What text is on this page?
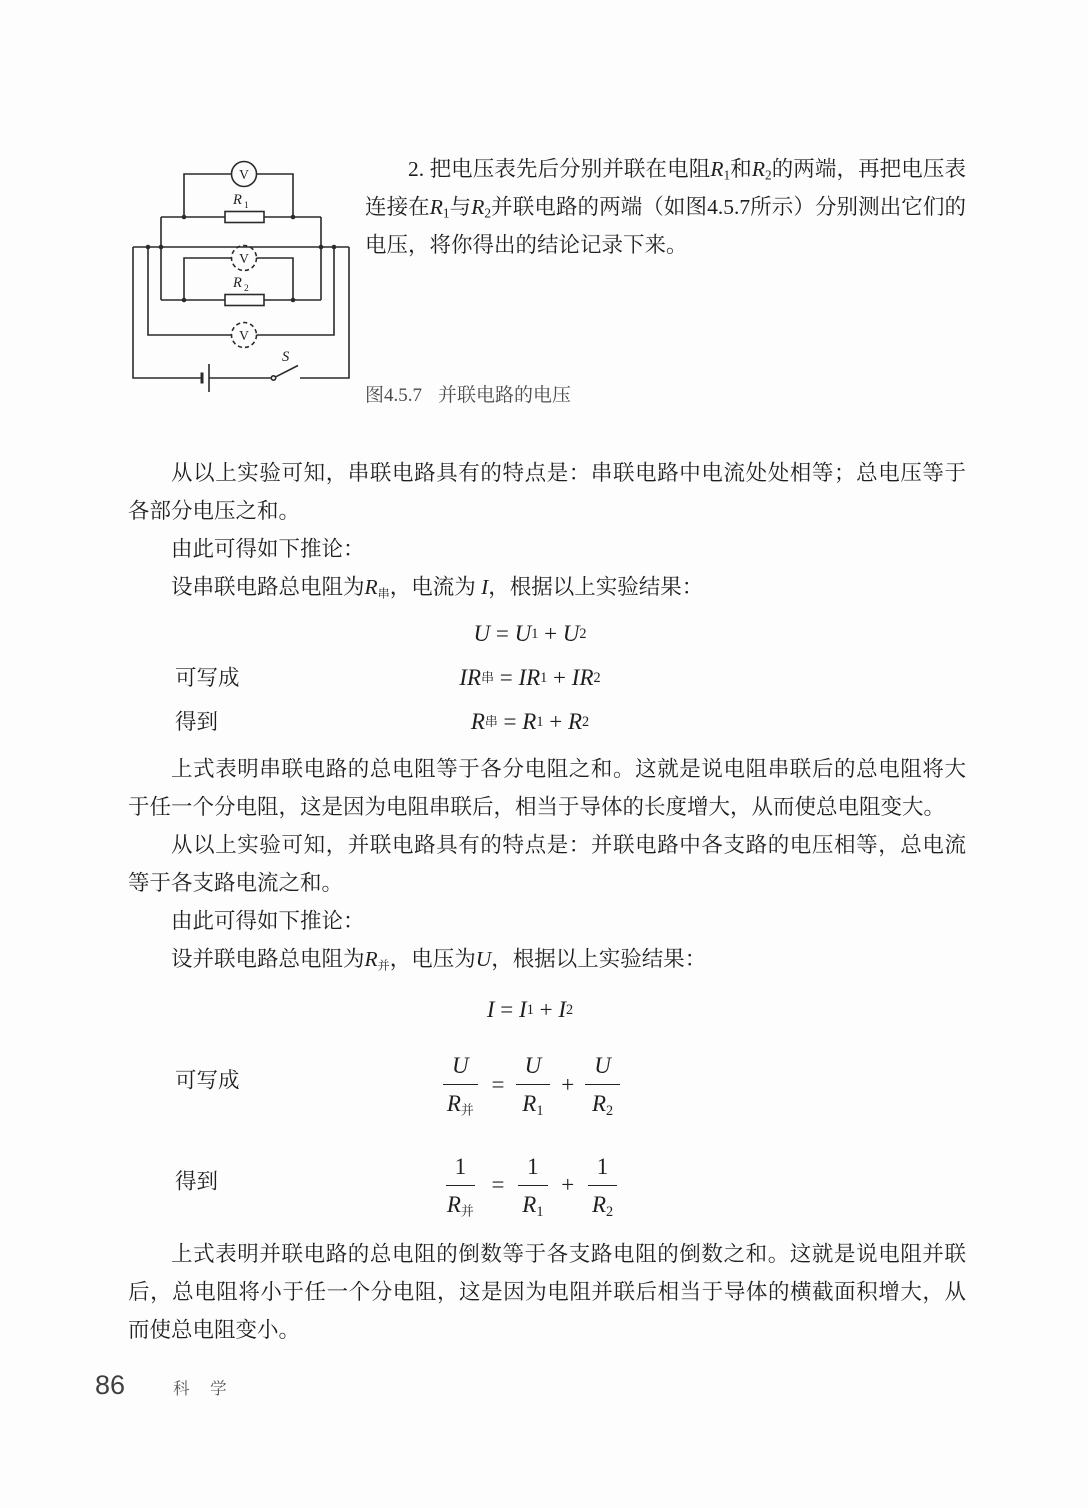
V
V
V
R 1
R 2
S

2. 把电压表先后分别并联在电阻$R_1$和$R_2$的两端，再把电压表连接在$R_1$与$R_2$并联电路的两端（如图4.5.7所示）分别测出它们的电压，将你得出的结论记录下来。

图4.5.7 并联电路的电压

从以上实验可知，串联电路具有的特点是：串联电路中电流处处相等；总电压等于各部分电压之和。

由此可得如下推论：

设串联电路总电阻为$R_串$，电流为 I，根据以上实验结果：

U = U 1 + U 2
可写成	IR 串 = IR 1 + IR 2
得到	R 串 = R 1 + R 2

上式表明串联电路的总电阻等于各分电阻之和。这就是说电阻串联后的总电阻将大于任一个分电阻，这是因为电阻串联后，相当于导体的长度增大，从而使总电阻变大。

从以上实验可知，并联电路具有的特点是：并联电路中各支路的电压相等，总电流等于各支路电流之和。

由此可得如下推论：

设并联电路总电阻为$R_并$，电压为U，根据以上实验结果：

I = I 1 + I 2
可写成	$\frac{U}{R_并} = \frac{U}{R_1} + \frac{U}{R_2}$
得到	$\frac{1}{R_并} = \frac{1}{R_1} + \frac{1}{R_2}$

上式表明并联电路的总电阻的倒数等于各支路电阻的倒数之和。这就是说电阻并联后，总电阻将小于任一个分电阻，这是因为电阻并联后相当于导体的横截面积增大，从而使总电阻变小。

86	科 学
